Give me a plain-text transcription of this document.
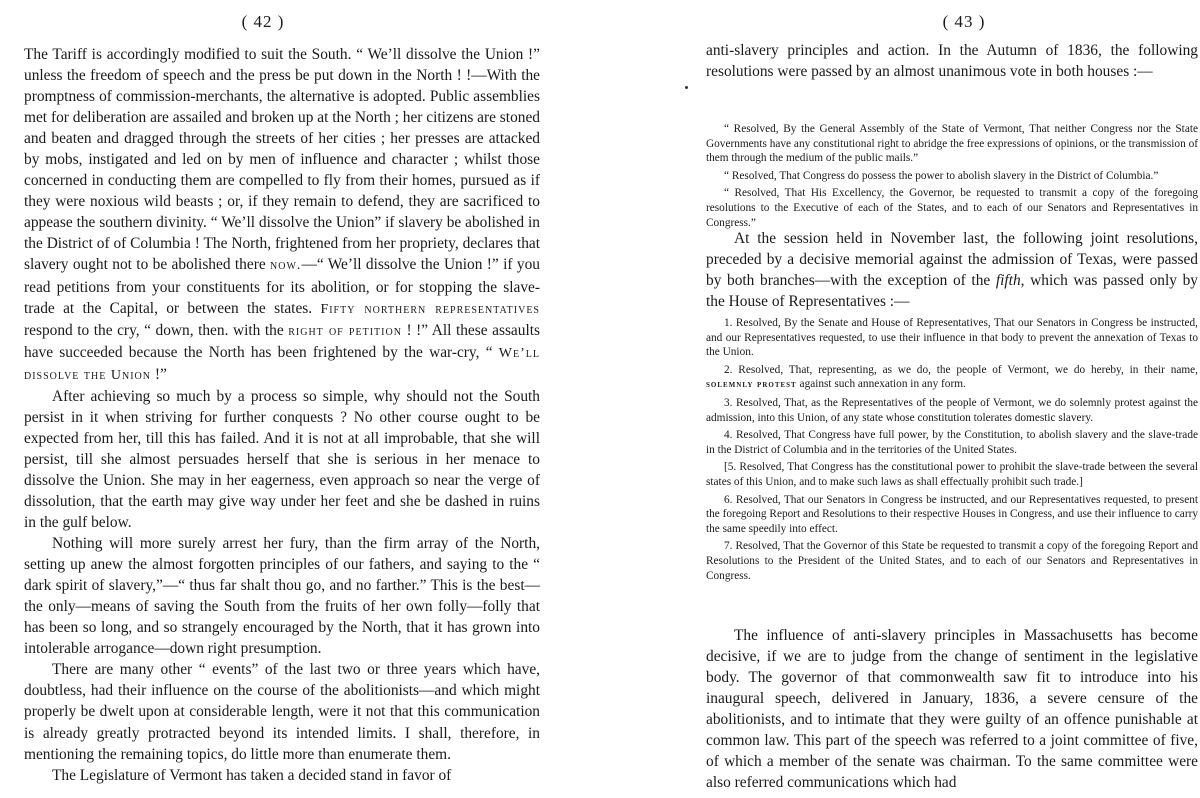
( 42 )

The Tariff is accordingly modified to suit the South. “ We’ll dissolve the Union !” unless the freedom of speech and the press be put down in the North ! !—With the promptness of commission-merchants, the alternative is adopted. Public assemblies met for deliberation are assailed and broken up at the North ; her citizens are stoned and beaten and dragged through the streets of her cities ; her presses are attacked by mobs, instigated and led on by men of influence and character ; whilst those concerned in conducting them are compelled to fly from their homes, pursued as if they were noxious wild beasts ; or, if they remain to defend, they are sacrificed to appease the southern divinity. “ We’ll dissolve the Union” if slavery be abolished in the District of of Columbia ! The North, frightened from her propriety, declares that slavery ought not to be abolished there now.—“ We’ll dissolve the Union !” if you read petitions from your constituents for its abolition, or for stopping the slave-trade at the Capital, or between the states. Fifty northern representatives respond to the cry, “ down, then. with the right of petition ! !” All these assaults have succeeded because the North has been frightened by the war-cry, “ We’ll dissolve the Union !”

After achieving so much by a process so simple, why should not the South persist in it when striving for further conquests ? No other course ought to be expected from her, till this has failed. And it is not at all improbable, that she will persist, till she almost persuades herself that she is serious in her menace to dissolve the Union. She may in her eagerness, even approach so near the verge of dissolution, that the earth may give way under her feet and she be dashed in ruins in the gulf below.

Nothing will more surely arrest her fury, than the firm array of the North, setting up anew the almost forgotten principles of our fathers, and saying to the “ dark spirit of slavery,”—“ thus far shalt thou go, and no farther.” This is the best—the only—means of saving the South from the fruits of her own folly—folly that has been so long, and so strangely encouraged by the North, that it has grown into intolerable arrogance—down right presumption.

There are many other “ events” of the last two or three years which have, doubtless, had their influence on the course of the abolitionists—and which might properly be dwelt upon at considerable length, were it not that this communication is already greatly protracted beyond its intended limits. I shall, therefore, in mentioning the remaining topics, do little more than enumerate them.

The Legislature of Vermont has taken a decided stand in favor of

( 43 )
anti-slavery principles and action. In the Autumn of 1836, the following resolutions were passed by an almost unanimous vote in both houses :—

“ Resolved, By the General Assembly of the State of Vermont, That neither Congress nor the State Governments have any constitutional right to abridge the free expressions of opinions, or the transmission of them through the medium of the public mails.”

“ Resolved, That Congress do possess the power to abolish slavery in the District of Columbia.”

“ Resolved, That His Excellency, the Governor, be requested to transmit a copy of the foregoing resolutions to the Executive of each of the States, and to each of our Senators and Representatives in Congress.”

At the session held in November last, the following joint resolutions, preceded by a decisive memorial against the admission of Texas, were passed by both branches—with the exception of the fifth, which was passed only by the House of Representatives :—

1. Resolved, By the Senate and House of Representatives, That our Senators in Congress be instructed, and our Representatives requested, to use their influence in that body to prevent the annexation of Texas to the Union.

2. Resolved, That, representing, as we do, the people of Vermont, we do hereby, in their name, solemnly protest against such annexation in any form.

3. Resolved, That, as the Representatives of the people of Vermont, we do solemnly protest against the admission, into this Union, of any state whose constitution tolerates domestic slavery.

4. Resolved, That Congress have full power, by the Constitution, to abolish slavery and the slave-trade in the District of Columbia and in the territories of the United States.

[5. Resolved, That Congress has the constitutional power to prohibit the slave-trade between the several states of this Union, and to make such laws as shall effectually prohibit such trade.]

6. Resolved, That our Senators in Congress be instructed, and our Representatives requested, to present the foregoing Report and Resolutions to their respective Houses in Congress, and use their influence to carry the same speedily into effect.

7. Resolved, That the Governor of this State be requested to transmit a copy of the foregoing Report and Resolutions to the President of the United States, and to each of our Senators and Representatives in Congress.

The influence of anti-slavery principles in Massachusetts has become decisive, if we are to judge from the change of sentiment in the legislative body. The governor of that commonwealth saw fit to introduce into his inaugural speech, delivered in January, 1836, a severe censure of the abolitionists, and to intimate that they were guilty of an offence punishable at common law. This part of the speech was referred to a joint committee of five, of which a member of the senate was chairman. To the same committee were also referred communications which had
